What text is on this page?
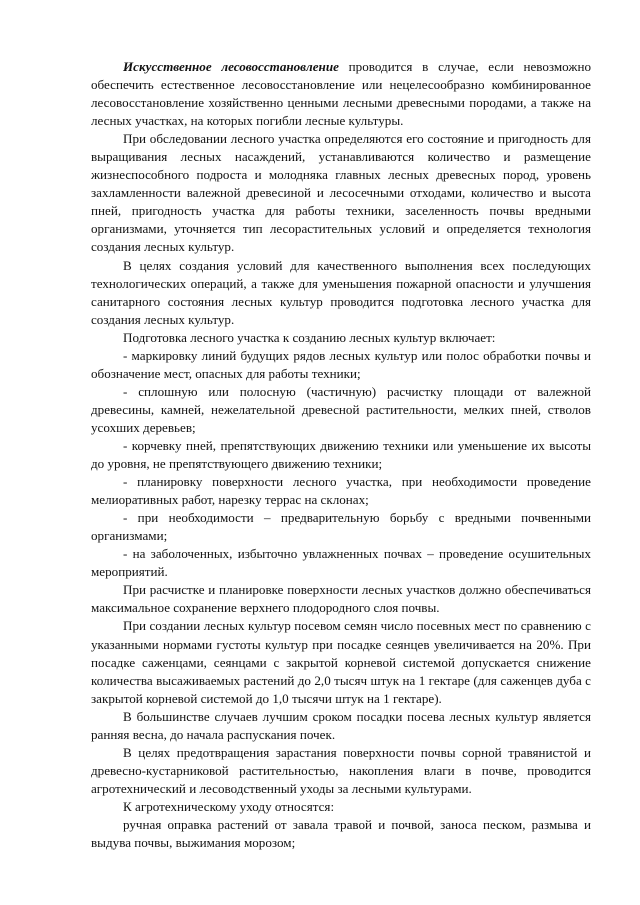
Искусственное лесовосстановление проводится в случае, если невозможно обеспечить естественное лесовосстановление или нецелесообразно комбинированное лесовосстановление хозяйственно ценными лесными древесными породами, а также на лесных участках, на которых погибли лесные культуры.

При обследовании лесного участка определяются его состояние и пригодность для выращивания лесных насаждений, устанавливаются количество и размещение жизнеспособного подроста и молодняка главных лесных древесных пород, уровень захламленности валежной древесиной и лесосечными отходами, количество и высота пней, пригодность участка для работы техники, заселенность почвы вредными организмами, уточняется тип лесорастительных условий и определяется технология создания лесных культур.

В целях создания условий для качественного выполнения всех последующих технологических операций, а также для уменьшения пожарной опасности и улучшения санитарного состояния лесных культур проводится подготовка лесного участка для создания лесных культур.

Подготовка лесного участка к созданию лесных культур включает:

- маркировку линий будущих рядов лесных культур или полос обработки почвы и обозначение мест, опасных для работы техники;

- сплошную или полосную (частичную) расчистку площади от валежной древесины, камней, нежелательной древесной растительности, мелких пней, стволов усохших деревьев;

- корчевку пней, препятствующих движению техники или уменьшение их высоты до уровня, не препятствующего движению техники;

- планировку поверхности лесного участка, при необходимости проведение мелиоративных работ, нарезку террас на склонах;

- при необходимости – предварительную борьбу с вредными почвенными организмами;

- на заболоченных, избыточно увлажненных почвах – проведение осушительных мероприятий.

При расчистке и планировке поверхности лесных участков должно обеспечиваться максимальное сохранение верхнего плодородного слоя почвы.

При создании лесных культур посевом семян число посевных мест по сравнению с указанными нормами густоты культур при посадке сеянцев увеличивается на 20%. При посадке саженцами, сеянцами с закрытой корневой системой допускается снижение количества высаживаемых растений до 2,0 тысяч штук на 1 гектаре (для саженцев дуба с закрытой корневой системой до 1,0 тысячи штук на 1 гектаре).

В большинстве случаев лучшим сроком посадки посева лесных культур является ранняя весна, до начала распускания почек.

В целях предотвращения зарастания поверхности почвы сорной травянистой и древесно-кустарниковой растительностью, накопления влаги в почве, проводится агротехнический и лесоводственный уходы за лесными культурами.

К агротехническому уходу относятся:

ручная оправка растений от завала травой и почвой, заноса песком, размыва и выдува почвы, выжимания морозом;
